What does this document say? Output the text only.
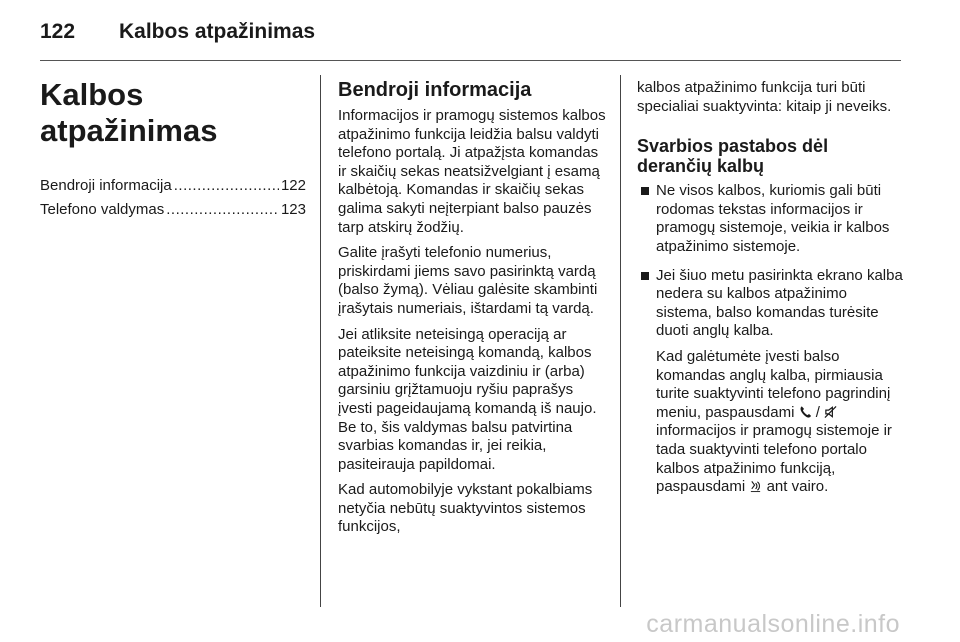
122 Kalbos atpažinimas
Kalbos atpažinimas
Bendroji informacija .....	122
Telefono valdymas .....	123
Bendroji informacija

Informacijos ir pramogų sistemos kalbos atpažinimo funkcija leidžia balsu valdyti telefono portalą. Ji atpažįsta komandas ir skaičių sekas neatsižvelgiant į esamą kalbėtoją. Komandas ir skaičių sekas galima sakyti neįterpiant balso pauzės tarp atskirų žodžių.

Galite įrašyti telefonio numerius, priskirdami jiems savo pasirinktą vardą (balso žymą). Vėliau galėsite skambinti įrašytais numeriais, ištardami tą vardą.

Jei atliksite neteisingą operaciją ar pateiksite neteisingą komandą, kalbos atpažinimo funkcija vaizdiniu ir (arba) garsiniu grįžtamuoju ryšiu paprašys įvesti pageidaujamą komandą iš naujo. Be to, šis valdymas balsu patvirtina svarbias komandas ir, jei reikia, pasiteirauja papildomai.

Kad automobilyje vykstant pokalbiams netyčia nebūtų suaktyvintos sistemos funkcijos,

kalbos atpažinimo funkcija turi būti specialiai suaktyvinta: kitaip ji neveiks.

Svarbios pastabos dėl derančių kalbų
Ne visos kalbos, kuriomis gali būti rodomas tekstas informacijos ir pramogų sistemoje, veikia ir kalbos atpažinimo sistemoje.

Jei šiuo metu pasirinkta ekrano kalba nedera su kalbos atpažinimo sistema, balso komandas turėsite duoti anglų kalba.

Kad galėtumėte įvesti balso komandas anglų kalba, pirmiausia turite suaktyvinti telefono pagrindinį meniu, paspausdami /
informacijos ir pramogų sistemoje ir tada suaktyvinti telefono portalo kalbos atpažinimo funkciją, paspausdami ant vairo.

carmanualsonline.info
